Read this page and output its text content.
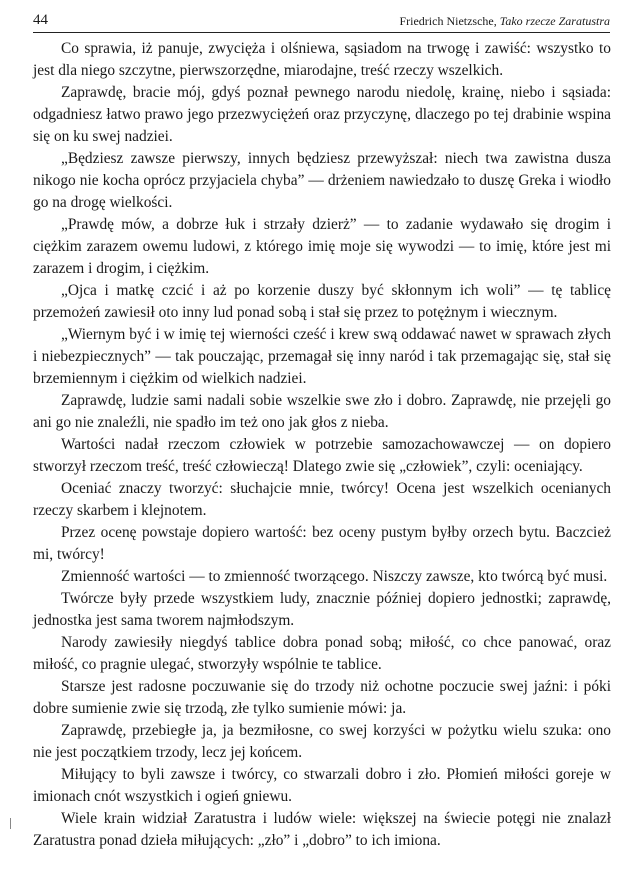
44	Friedrich Nietzsche, Tako rzecze Zaratustra

Co sprawia, iż panuje, zwycięża i olśniewa, sąsiadom na trwogę i zawiść: wszystko to jest dla niego szczytne, pierwszorzędne, miarodajne, treść rzeczy wszelkich.

Zaprawdę, bracie mój, gdyś poznał pewnego narodu niedolę, krainę, niebo i sąsiada: odgadniesz łatwo prawo jego przezwyciężeń oraz przyczynę, dlaczego po tej drabinie wspina się on ku swej nadziei.

„Będziesz zawsze pierwszy, innych będziesz przewyższał: niech twa zawistna dusza nikogo nie kocha oprócz przyjaciela chyba” — drżeniem nawiedzało to duszę Greka i wiodło go na drogę wielkości.

„Prawdę mów, a dobrze łuk i strzały dzierż” — to zadanie wydawało się drogim i ciężkim zarazem owemu ludowi, z którego imię moje się wywodzi — to imię, które jest mi zarazem i drogim, i ciężkim.

„Ojca i matkę czcić i aż po korzenie duszy być skłonnym ich woli” — tę tablicę przemożeń zawiesił oto inny lud ponad sobą i stał się przez to potężnym i wiecznym.

„Wiernym być i w imię tej wierności cześć i krew swą oddawać nawet w sprawach złych i niebezpiecznych” — tak pouczając, przemagał się inny naród i tak przemagając się, stał się brzemiennym i ciężkim od wielkich nadziei.

Zaprawdę, ludzie sami nadali sobie wszelkie swe zło i dobro. Zaprawdę, nie przejęli go ani go nie znaleźli, nie spadło im też ono jak głos z nieba.

Wartości nadał rzeczom człowiek w potrzebie samozachowawczej — on dopiero stworzył rzeczom treść, treść człowieczą! Dlatego zwie się „człowiek”, czyli: oceniający.

Oceniać znaczy tworzyć: słuchajcie mnie, twórcy! Ocena jest wszelkich ocenianych rzeczy skarbem i klejnotem.

Przez ocenę powstaje dopiero wartość: bez oceny pustym byłby orzech bytu. Baczcież mi, twórcy!

Zmienność wartości — to zmienność tworzącego. Niszczy zawsze, kto twórcą być musi.

Twórcze były przede wszystkiem ludy, znacznie później dopiero jednostki; zaprawdę, jednostka jest sama tworem najmłodszym.

Narody zawiesiły niegdyś tablice dobra ponad sobą; miłość, co chce panować, oraz miłość, co pragnie ulegać, stworzyły wspólnie te tablice.

Starsze jest radosne poczuwanie się do trzody niż ochotne poczucie swej jaźni: i póki dobre sumienie zwie się trzodą, złe tylko sumienie mówi: ja.

Zaprawdę, przebiegłe ja, ja bezmiłosne, co swej korzyści w pożytku wielu szuka: ono nie jest początkiem trzody, lecz jej końcem.

Miłujący to byli zawsze i twórcy, co stwarzali dobro i zło. Płomień miłości goreje w imionach cnót wszystkich i ogień gniewu.

Wiele krain widział Zaratustra i ludów wiele: większej na świecie potęgi nie znalazł Zaratustra ponad dzieła miłujących: „zło” i „dobro” to ich imiona.
